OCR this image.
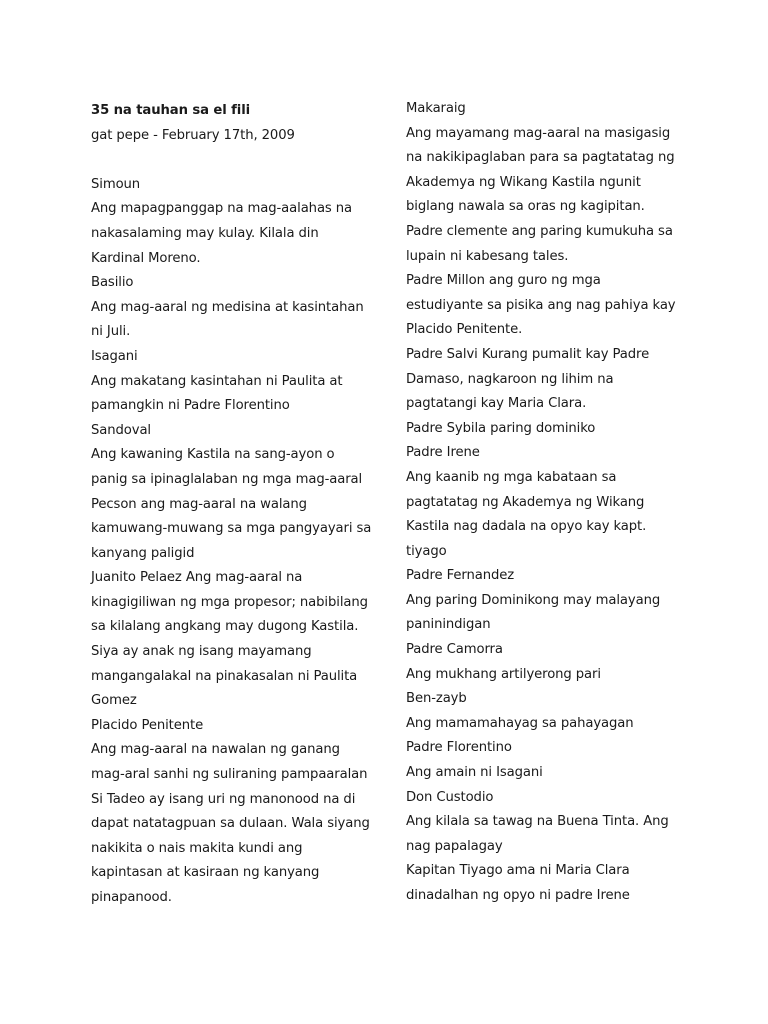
35 na tauhan sa el fili
gat pepe - February 17th, 2009

Simoun

Ang mapagpanggap na mag-aalahas na
nakasalaming may kulay. Kilala din
Kardinal Moreno.

Basilio

Ang mag-aaral ng medisina at kasintahan
ni Juli.

Isagani

Ang makatang kasintahan ni Paulita at
pamangkin ni Padre Florentino

Sandoval

Ang kawaning Kastila na sang-ayon o
panig sa ipinaglalaban ng mga mag-aaral

Pecson ang mag-aaral na walang
kamuwang-muwang sa mga pangyayari sa
kanyang paligid

Juanito Pelaez Ang mag-aaral na
kinagigiliwan ng mga propesor; nabibilang
sa kilalang angkang may dugong Kastila.
Siya ay anak ng isang mayamang
mangangalakal na pinakasalan ni Paulita
Gomez

Placido Penitente

Ang mag-aaral na nawalan ng ganang
mag-aral sanhi ng suliraning pampaaralan

Si Tadeo ay isang uri ng manonood na di
dapat natatagpuan sa dulaan. Wala siyang
nakikita o nais makita kundi ang
kapintasan at kasiraan ng kanyang
pinapanood.

Makaraig

Ang mayamang mag-aaral na masigasig
na nakikipaglaban para sa pagtatatag ng
Akademya ng Wikang Kastila ngunit
biglang nawala sa oras ng kagipitan.

Padre clemente ang paring kumukuha sa
lupain ni kabesang tales.

Padre Millon ang guro ng mga
estudiyante sa pisika ang nag pahiya kay
Placido Penitente.

Padre Salvi Kurang pumalit kay Padre
Damaso, nagkaroon ng lihim na
pagtatangi kay Maria Clara.

Padre Sybila paring dominiko

Padre Irene

Ang kaanib ng mga kabataan sa
pagtatatag ng Akademya ng Wikang
Kastila nag dadala na opyo kay kapt.
tiyago

Padre Fernandez

Ang paring Dominikong may malayang
paninindigan

Padre Camorra

Ang mukhang artilyerong pari

Ben-zayb

Ang mamamahayag sa pahayagan

Padre Florentino

Ang amain ni Isagani

Don Custodio

Ang kilala sa tawag na Buena Tinta. Ang
nag papalagay

Kapitan Tiyago ama ni Maria Clara
dinadalhan ng opyo ni padre Irene
